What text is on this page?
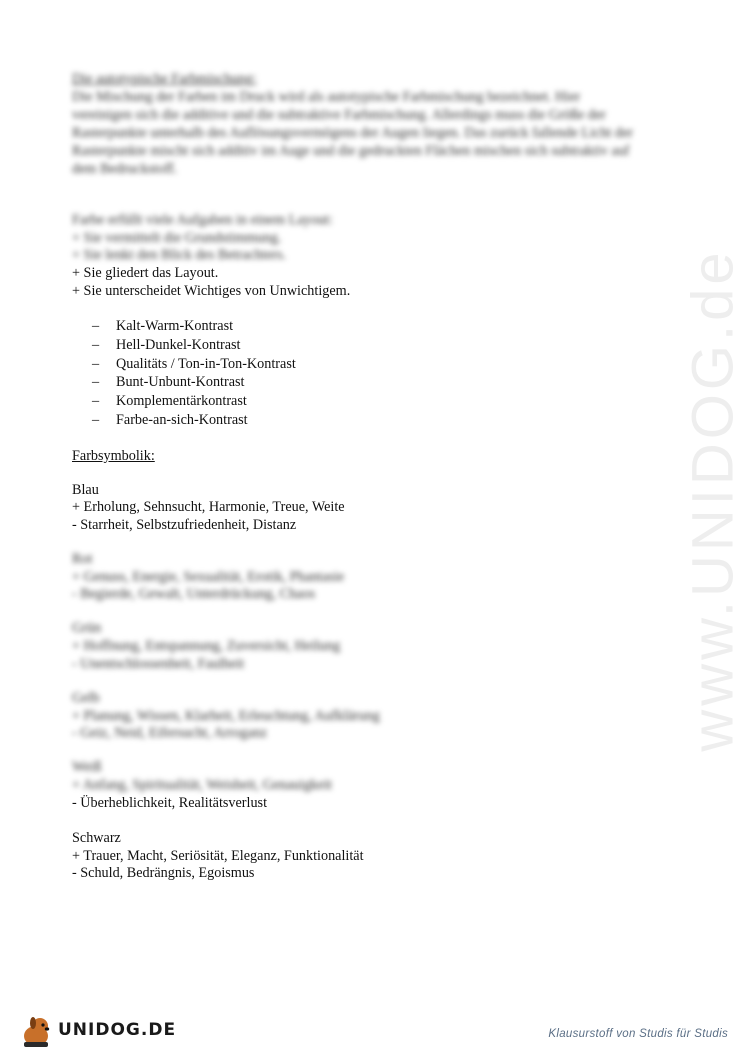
Die autotypische Farbmischung:
Die Mischung der Farben im Druck wird als autotypische Farbmischung bezeichnet. Hier
vereinigen sich die additive und die subtraktive Farbmischung. Allerdings muss die Größe der
Rasterpunkte unterhalb des Auflösungsvermögens der Augen liegen. Das zurück fallende Licht der
Rasterpunkte mischt sich additiv im Auge und die gedruckten Flächen mischen sich subtraktiv auf
dem Bedruckstoff.
Farbe erfüllt viele Aufgaben in einem Layout:
+ Sie vermittelt die Grundstimmung.
+ Sie lenkt den Blick des Betrachters.
+ Sie gliedert das Layout.
+ Sie unterscheidet Wichtiges von Unwichtigem.
– Kalt-Warm-Kontrast
– Hell-Dunkel-Kontrast
– Qualitäts / Ton-in-Ton-Kontrast
– Bunt-Unbunt-Kontrast
– Komplementärkontrast
– Farbe-an-sich-Kontrast
Farbsymbolik:
Blau
+ Erholung, Sehnsucht, Harmonie, Treue, Weite
- Starrheit, Selbstzufriedenheit, Distanz
Rot
+ Genuss, Energie, Sexualität, Erotik, Phantasie
- Begierde, Gewalt, Unterdrückung, Chaos
Grün
+ Hoffnung, Entspannung, Zuversicht, Heilung
- Unentschlossenheit, Faulheit
Gelb
+ Planung, Wissen, Klarheit, Erleuchtung, Aufklärung
- Geiz, Neid, Eifersucht, Arroganz
Weiß
+ Anfang, Spiritualität, Weisheit, Genauigkeit
- Überheblichkeit, Realitätsverlust
Schwarz
+ Trauer, Macht, Seriösität, Eleganz, Funktionalität
- Schuld, Bedrängnis, Egoismus
www.UNIDOG.de
UNIDOG.DE	Klausurstoff von Studis für Studis
